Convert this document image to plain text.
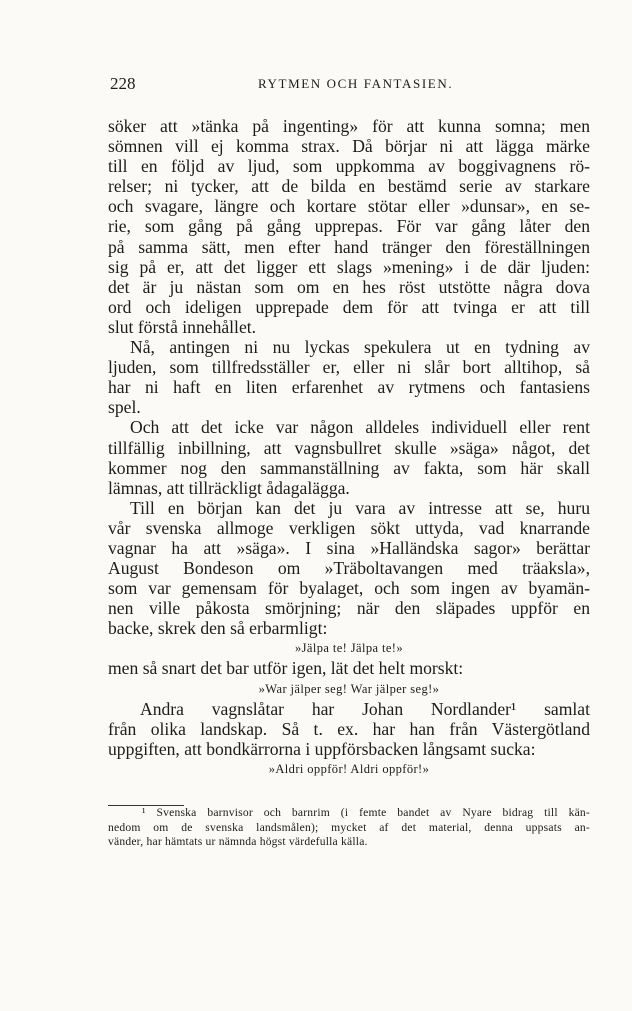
228	RYTMEN OCH FANTASIEN.
söker att »tänka på ingenting» för att kunna somna; men
sömnen vill ej komma strax. Då börjar ni att lägga märke
till en följd av ljud, som uppkomma av boggivagnens rö-
relser; ni tycker, att de bilda en bestämd serie av starkare
och svagare, längre och kortare stötar eller »dunsar», en se-
rie, som gång på gång upprepas. För var gång låter den
på samma sätt, men efter hand tränger den föreställningen
sig på er, att det ligger ett slags »mening» i de där ljuden:
det är ju nästan som om en hes röst utstötte några dova
ord och ideligen upprepade dem för att tvinga er att till
slut förstå innehållet.
Nå, antingen ni nu lyckas spekulera ut en tydning av
ljuden, som tillfredsställer er, eller ni slår bort alltihop, så
har ni haft en liten erfarenhet av rytmens och fantasiens
spel.
Och att det icke var någon alldeles individuell eller rent
tillfällig inbillning, att vagnsbullret skulle »säga» något, det
kommer nog den sammanställning av fakta, som här skall
lämnas, att tillräckligt ådagalägga.
Till en början kan det ju vara av intresse att se, huru
vår svenska allmoge verkligen sökt uttyda, vad knarrande
vagnar ha att »säga». I sina »Halländska sagor» berättar
August Bondeson om »Träboltavangen med träaksla»,
som var gemensam för byalaget, och som ingen av byamän-
nen ville påkosta smörjning; när den släpades uppför en
backe, skrek den så erbarmligt:
»Jälpa te! Jälpa te!»
men så snart det bar utför igen, lät det helt morskt:
»War jälper seg! War jälper seg!»
Andra vagnslåtar har Johan Nordlander¹ samlat
från olika landskap. Så t. ex. har han från Västergötland
uppgiften, att bondkärrorna i uppförsbacken långsamt sucka:
»Aldri oppför! Aldri oppför!»
¹ Svenska barnvisor och barnrim (i femte bandet av Nyare bidrag till kän-
nedom om de svenska landsmålen); mycket af det material, denna uppsats an-
vänder, har hämtats ur nämnda högst värdefulla källa.
